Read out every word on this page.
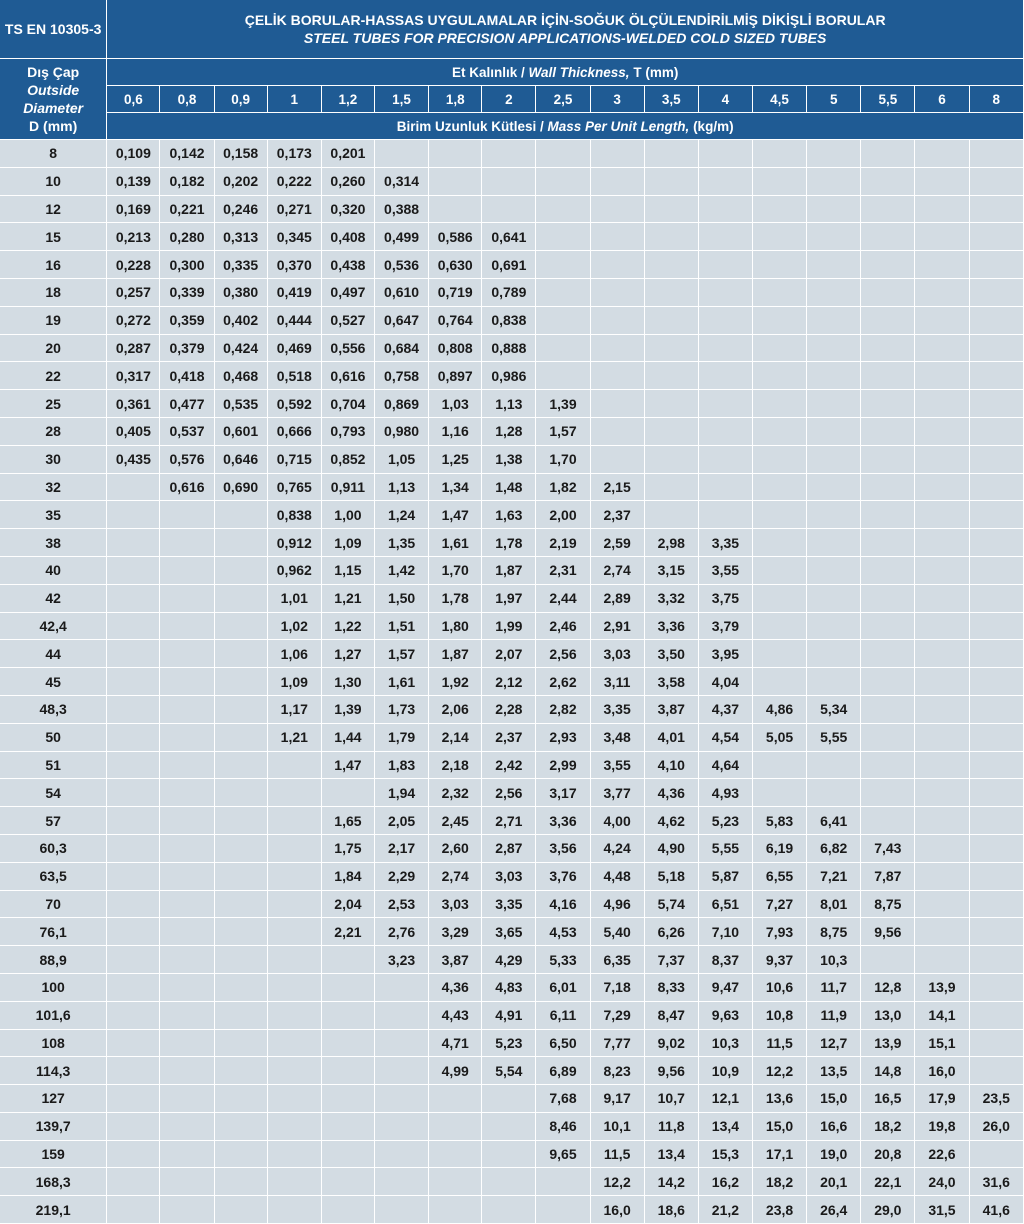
TS EN 10305-3	ÇELİK BORULAR-HASSAS UYGULAMALAR İÇİN-SOĞUK ÖLÇÜLENDİRİLMİŞ DİKİŞLİ BORULAR
STEEL TUBES FOR PRECISION APPLICATIONS-WELDED COLD SIZED TUBES																

Dış Çap
Outside
Diameter
D (mm)	Et Kalınlık / Wall Thickness, T (mm)																
	0,6	0,8	0,9	1	1,2	1,5	1,8	2	2,5	3	3,5	4	4,5	5	5,5	6	8
	Birim Uzunluk Kütlesi / Mass Per Unit Length, (kg/m)																
8	0,109	0,142	0,158	0,173	0,201												
10	0,139	0,182	0,202	0,222	0,260	0,314											
12	0,169	0,221	0,246	0,271	0,320	0,388											
15	0,213	0,280	0,313	0,345	0,408	0,499	0,586	0,641									
16	0,228	0,300	0,335	0,370	0,438	0,536	0,630	0,691									
18	0,257	0,339	0,380	0,419	0,497	0,610	0,719	0,789									
19	0,272	0,359	0,402	0,444	0,527	0,647	0,764	0,838									
20	0,287	0,379	0,424	0,469	0,556	0,684	0,808	0,888									
22	0,317	0,418	0,468	0,518	0,616	0,758	0,897	0,986									
25	0,361	0,477	0,535	0,592	0,704	0,869	1,03	1,13	1,39								
28	0,405	0,537	0,601	0,666	0,793	0,980	1,16	1,28	1,57								
30	0,435	0,576	0,646	0,715	0,852	1,05	1,25	1,38	1,70								
32		0,616	0,690	0,765	0,911	1,13	1,34	1,48	1,82	2,15							
35				0,838	1,00	1,24	1,47	1,63	2,00	2,37							
38				0,912	1,09	1,35	1,61	1,78	2,19	2,59	2,98	3,35					
40				0,962	1,15	1,42	1,70	1,87	2,31	2,74	3,15	3,55					
42				1,01	1,21	1,50	1,78	1,97	2,44	2,89	3,32	3,75					
42,4				1,02	1,22	1,51	1,80	1,99	2,46	2,91	3,36	3,79					
44				1,06	1,27	1,57	1,87	2,07	2,56	3,03	3,50	3,95					
45				1,09	1,30	1,61	1,92	2,12	2,62	3,11	3,58	4,04					
48,3				1,17	1,39	1,73	2,06	2,28	2,82	3,35	3,87	4,37	4,86	5,34			
50				1,21	1,44	1,79	2,14	2,37	2,93	3,48	4,01	4,54	5,05	5,55			
51					1,47	1,83	2,18	2,42	2,99	3,55	4,10	4,64					
54						1,94	2,32	2,56	3,17	3,77	4,36	4,93					
57					1,65	2,05	2,45	2,71	3,36	4,00	4,62	5,23	5,83	6,41			
60,3					1,75	2,17	2,60	2,87	3,56	4,24	4,90	5,55	6,19	6,82	7,43		
63,5					1,84	2,29	2,74	3,03	3,76	4,48	5,18	5,87	6,55	7,21	7,87		
70					2,04	2,53	3,03	3,35	4,16	4,96	5,74	6,51	7,27	8,01	8,75		
76,1					2,21	2,76	3,29	3,65	4,53	5,40	6,26	7,10	7,93	8,75	9,56		
88,9						3,23	3,87	4,29	5,33	6,35	7,37	8,37	9,37	10,3			
100							4,36	4,83	6,01	7,18	8,33	9,47	10,6	11,7	12,8	13,9	
101,6							4,43	4,91	6,11	7,29	8,47	9,63	10,8	11,9	13,0	14,1	
108							4,71	5,23	6,50	7,77	9,02	10,3	11,5	12,7	13,9	15,1	
114,3							4,99	5,54	6,89	8,23	9,56	10,9	12,2	13,5	14,8	16,0	
127									7,68	9,17	10,7	12,1	13,6	15,0	16,5	17,9	23,5
139,7									8,46	10,1	11,8	13,4	15,0	16,6	18,2	19,8	26,0
159									9,65	11,5	13,4	15,3	17,1	19,0	20,8	22,6	
168,3										12,2	14,2	16,2	18,2	20,1	22,1	24,0	31,6
219,1										16,0	18,6	21,2	23,8	26,4	29,0	31,5	41,6
